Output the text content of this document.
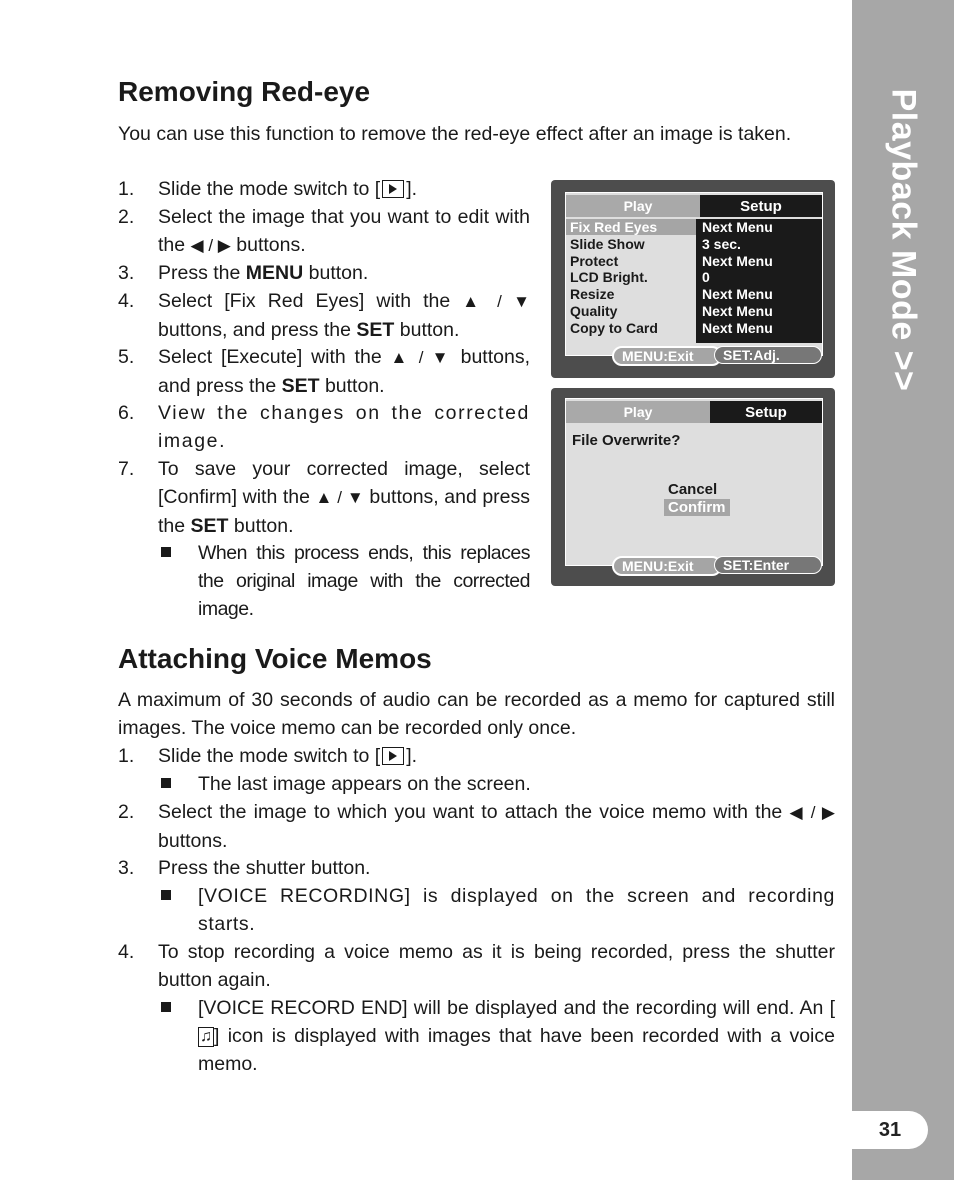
Playback Mode >>
31
Removing Red-eye

You can use this function to remove the red-eye effect after an image is taken.

1. Slide the mode switch to [ ].
2. Select the image that you want to edit with the ◀ / ▶ buttons.
3. Press the MENU button.
4. Select [Fix Red Eyes] with the ▲ / ▼ buttons, and press the SET button.
5. Select [Execute] with the ▲ / ▼ buttons, and press the SET button.
6. View the changes on the corrected image.
7. To save your corrected image, select [Confirm] with the ▲ / ▼ buttons, and press the SET button.
When this process ends, this replaces the original image with the corrected image.
Play	Setup
Fix Red Eyes	Next Menu
Slide Show	3 sec.
Protect	Next Menu
LCD Bright.	0
Resize	Next Menu
Quality	Next Menu
Copy to Card	Next Menu
MENU:Exit	SET:Adj.
Play	Setup
File Overwrite?
Cancel
Confirm
MENU:Exit	SET:Enter
Attaching Voice Memos

A maximum of 30 seconds of audio can be recorded as a memo for captured still images. The voice memo can be recorded only once.

1. Slide the mode switch to [ ].
The last image appears on the screen.
2. Select the image to which you want to attach the voice memo with the ◀ / ▶ buttons.
3. Press the shutter button.
[VOICE RECORDING] is displayed on the screen and recording starts.
4. To stop recording a voice memo as it is being recorded, press the shutter button again.
[VOICE RECORD END] will be displayed and the recording will end. An [♫ ] icon is displayed with images that have been recorded with a voice memo.
